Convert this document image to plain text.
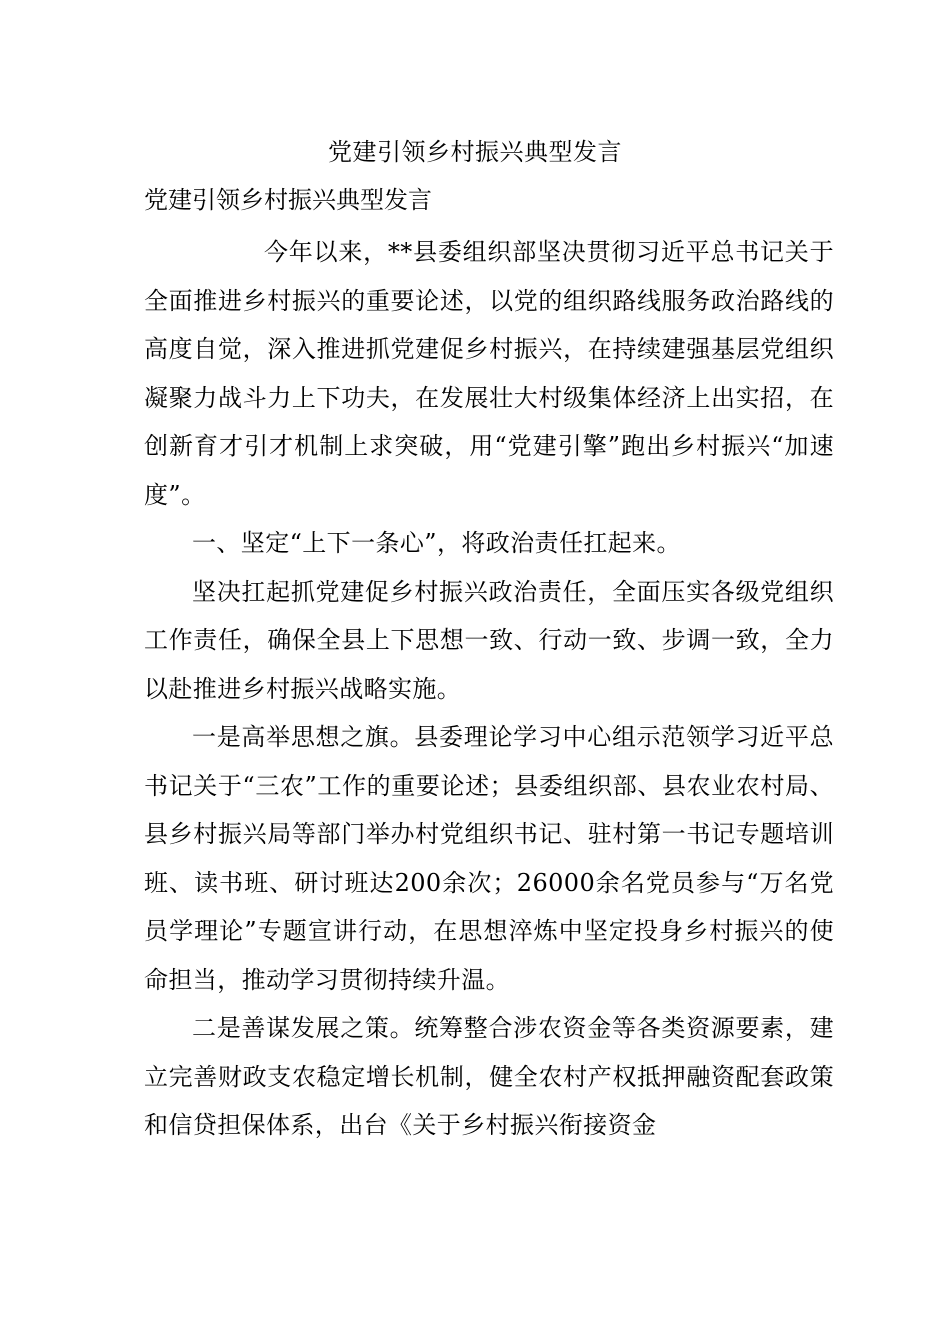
党建引领乡村振兴典型发言
党建引领乡村振兴典型发言

今年以来，**县委组织部坚决贯彻习近平总书记关于全面推进乡村振兴的重要论述，以党的组织路线服务政治路线的高度自觉，深入推进抓党建促乡村振兴，在持续建强基层党组织凝聚力战斗力上下功夫，在发展壮大村级集体经济上出实招，在创新育才引才机制上求突破，用“党建引擎”跑出乡村振兴“加速度”。

一、坚定“上下一条心”，将政治责任扛起来。

坚决扛起抓党建促乡村振兴政治责任，全面压实各级党组织工作责任，确保全县上下思想一致、行动一致、步调一致，全力以赴推进乡村振兴战略实施。

一是高举思想之旗。县委理论学习中心组示范领学习近平总书记关于“三农”工作的重要论述；县委组织部、县农业农村局、县乡村振兴局等部门举办村党组织书记、驻村第一书记专题培训班、读书班、研讨班达200余次；26000余名党员参与“万名党员学理论”专题宣讲行动，在思想淬炼中坚定投身乡村振兴的使命担当，推动学习贯彻持续升温。

二是善谋发展之策。统筹整合涉农资金等各类资源要素，建立完善财政支农稳定增长机制，健全农村产权抵押融资配套政策和信贷担保体系，出台《关于乡村振兴衔接资金
